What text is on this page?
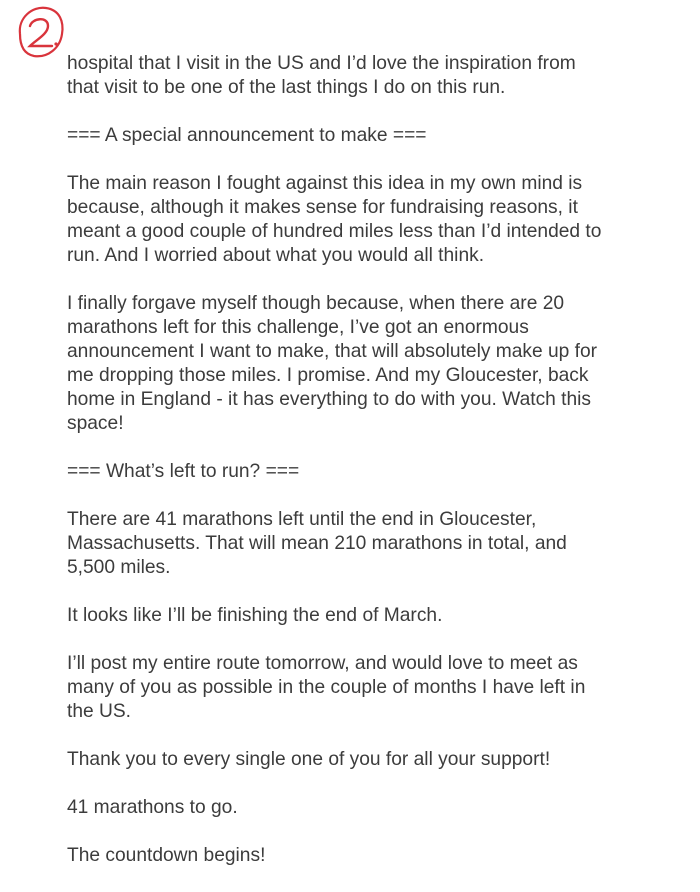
hospital that I visit in the US and I’d love the inspiration from
that visit to be one of the last things I do on this run.

=== A special announcement to make ===

The main reason I fought against this idea in my own mind is
because, although it makes sense for fundraising reasons, it
meant a good couple of hundred miles less than I’d intended to
run. And I worried about what you would all think.

I finally forgave myself though because, when there are 20
marathons left for this challenge, I’ve got an enormous
announcement I want to make, that will absolutely make up for
me dropping those miles. I promise. And my Gloucester, back
home in England - it has everything to do with you. Watch this
space!

=== What’s left to run? ===

There are 41 marathons left until the end in Gloucester,
Massachusetts. That will mean 210 marathons in total, and
5,500 miles.

It looks like I’ll be finishing the end of March.

I’ll post my entire route tomorrow, and would love to meet as
many of you as possible in the couple of months I have left in
the US.

Thank you to every single one of you for all your support!

41 marathons to go.

The countdown begins!
